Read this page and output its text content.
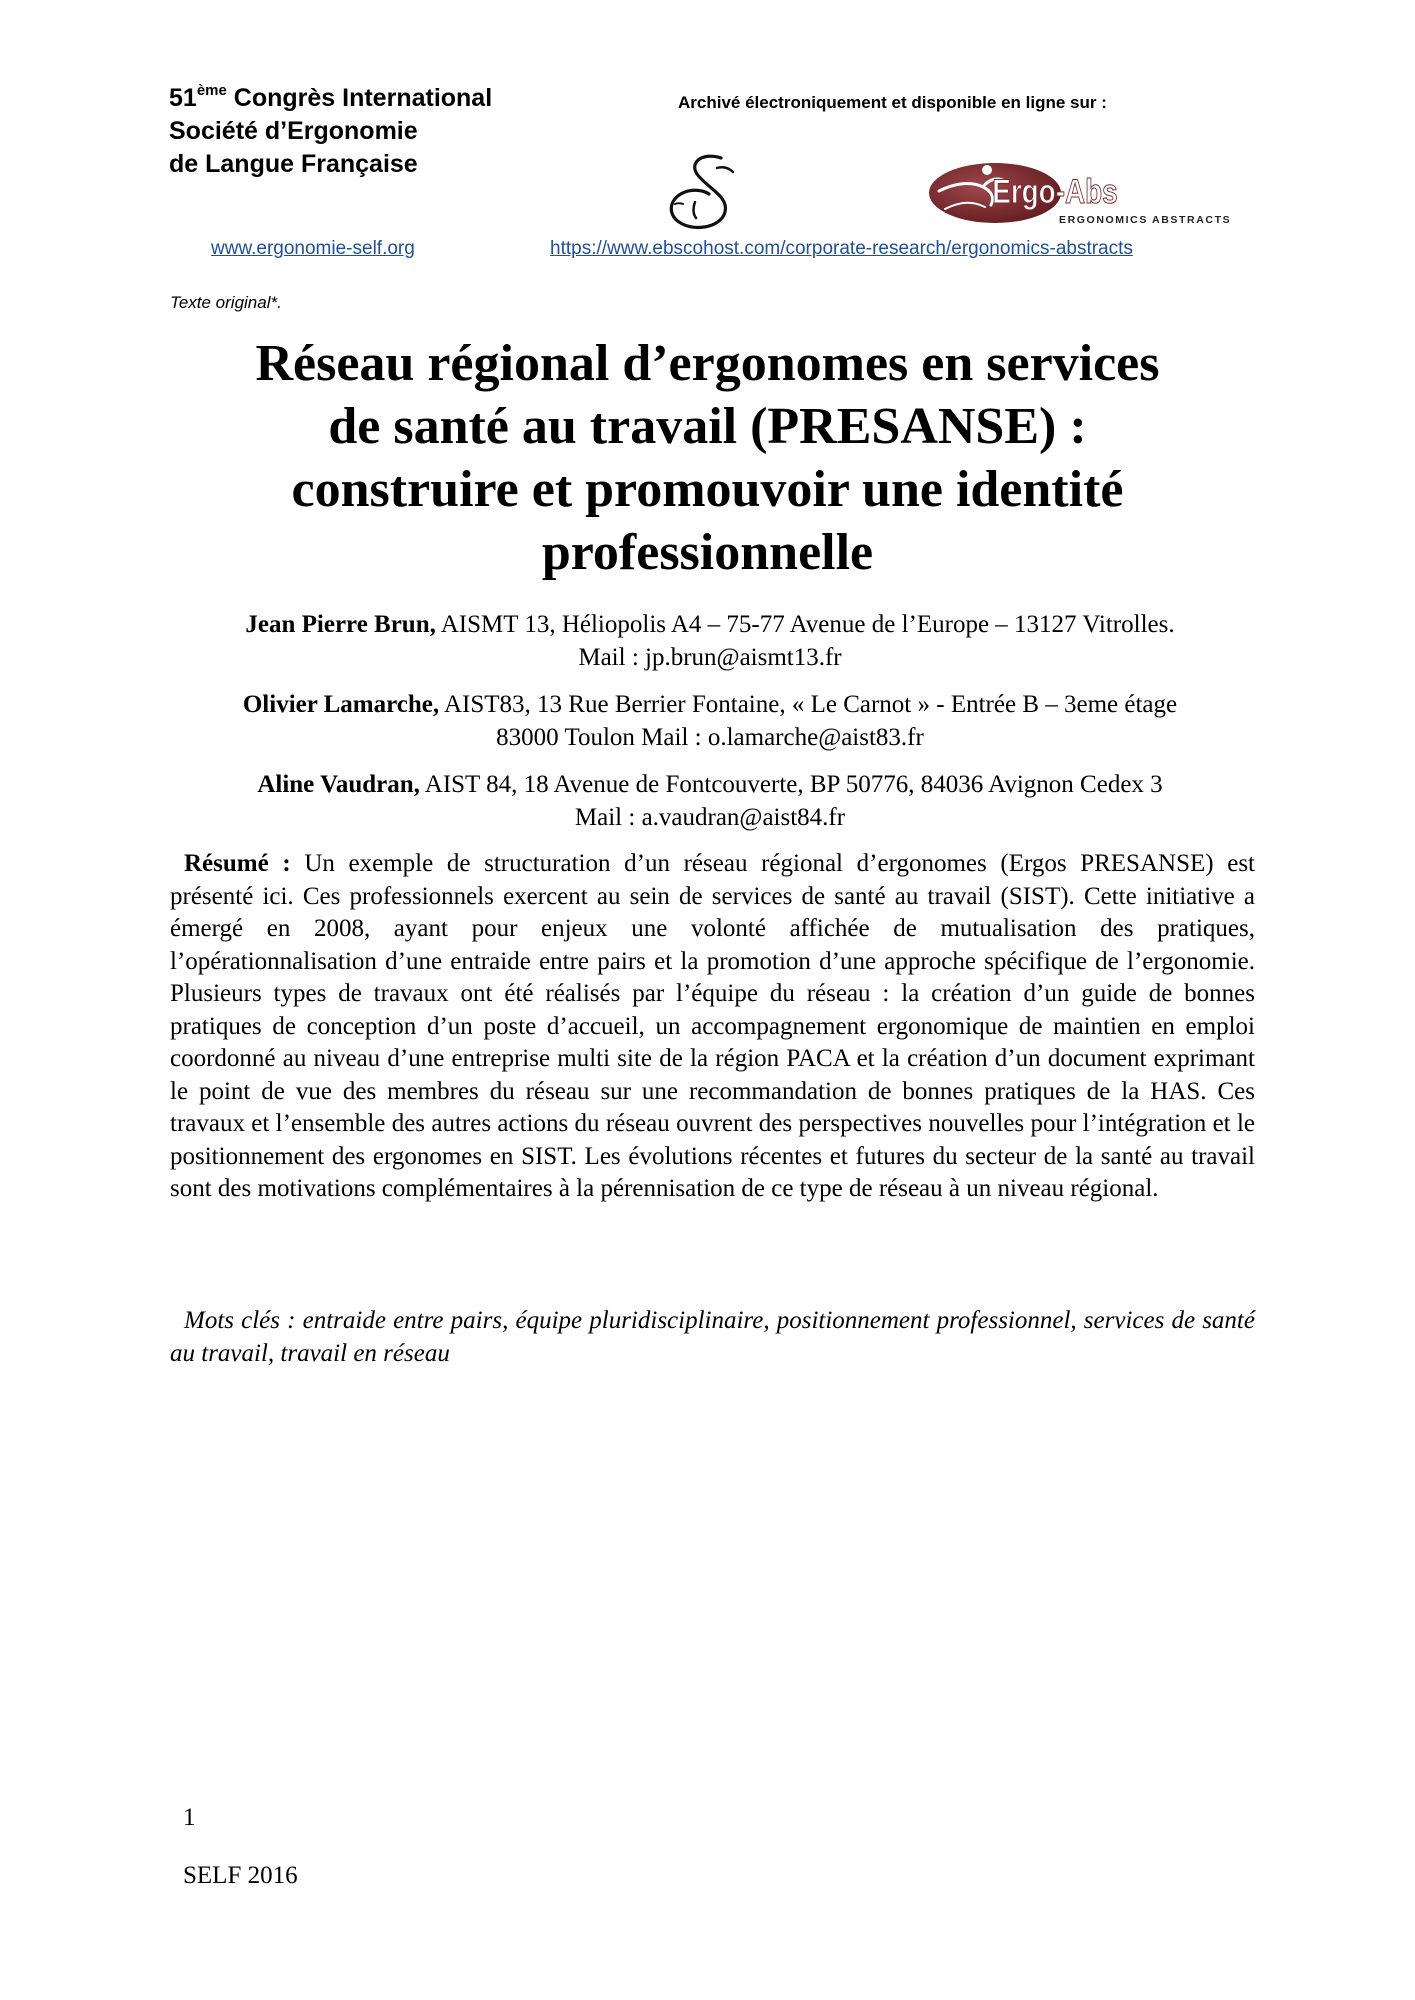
51ème Congrès International
Société d’Ergonomie
de Langue Française
Archivé électroniquement et disponible en ligne sur :
Ergo-Abs
ERGONOMICS ABSTRACTS
www.ergonomie-self.org	https://www.ebscohost.com/corporate-research/ergonomics-abstracts
Texte original*.
Réseau régional d’ergonomes en services
de santé au travail (PRESANSE) :
construire et promouvoir une identité
professionnelle
Jean Pierre Brun, AISMT 13, Héliopolis A4 – 75-77 Avenue de l’Europe – 13127 Vitrolles.
Mail : jp.brun@aismt13.fr
Olivier Lamarche, AIST83, 13 Rue Berrier Fontaine, « Le Carnot » - Entrée B – 3eme étage
83000 Toulon Mail : o.lamarche@aist83.fr
Aline Vaudran, AIST 84, 18 Avenue de Fontcouverte, BP 50776, 84036 Avignon Cedex 3
Mail : a.vaudran@aist84.fr
Résumé : Un exemple de structuration d’un réseau régional d’ergonomes (Ergos PRESANSE) est présenté ici. Ces professionnels exercent au sein de services de santé au travail (SIST). Cette initiative a émergé en 2008, ayant pour enjeux une volonté affichée de mutualisation des pratiques, l’opérationnalisation d’une entraide entre pairs et la promotion d’une approche spécifique de l’ergonomie. Plusieurs types de travaux ont été réalisés par l’équipe du réseau : la création d’un guide de bonnes pratiques de conception d’un poste d’accueil, un accompagnement ergonomique de maintien en emploi coordonné au niveau d’une entreprise multi site de la région PACA et la création d’un document exprimant le point de vue des membres du réseau sur une recommandation de bonnes pratiques de la HAS. Ces travaux et l’ensemble des autres actions du réseau ouvrent des perspectives nouvelles pour l’intégration et le positionnement des ergonomes en SIST. Les évolutions récentes et futures du secteur de la santé au travail sont des motivations complémentaires à la pérennisation de ce type de réseau à un niveau régional.
Mots clés : entraide entre pairs, équipe pluridisciplinaire, positionnement professionnel, services de santé au travail, travail en réseau
1
SELF 2016
